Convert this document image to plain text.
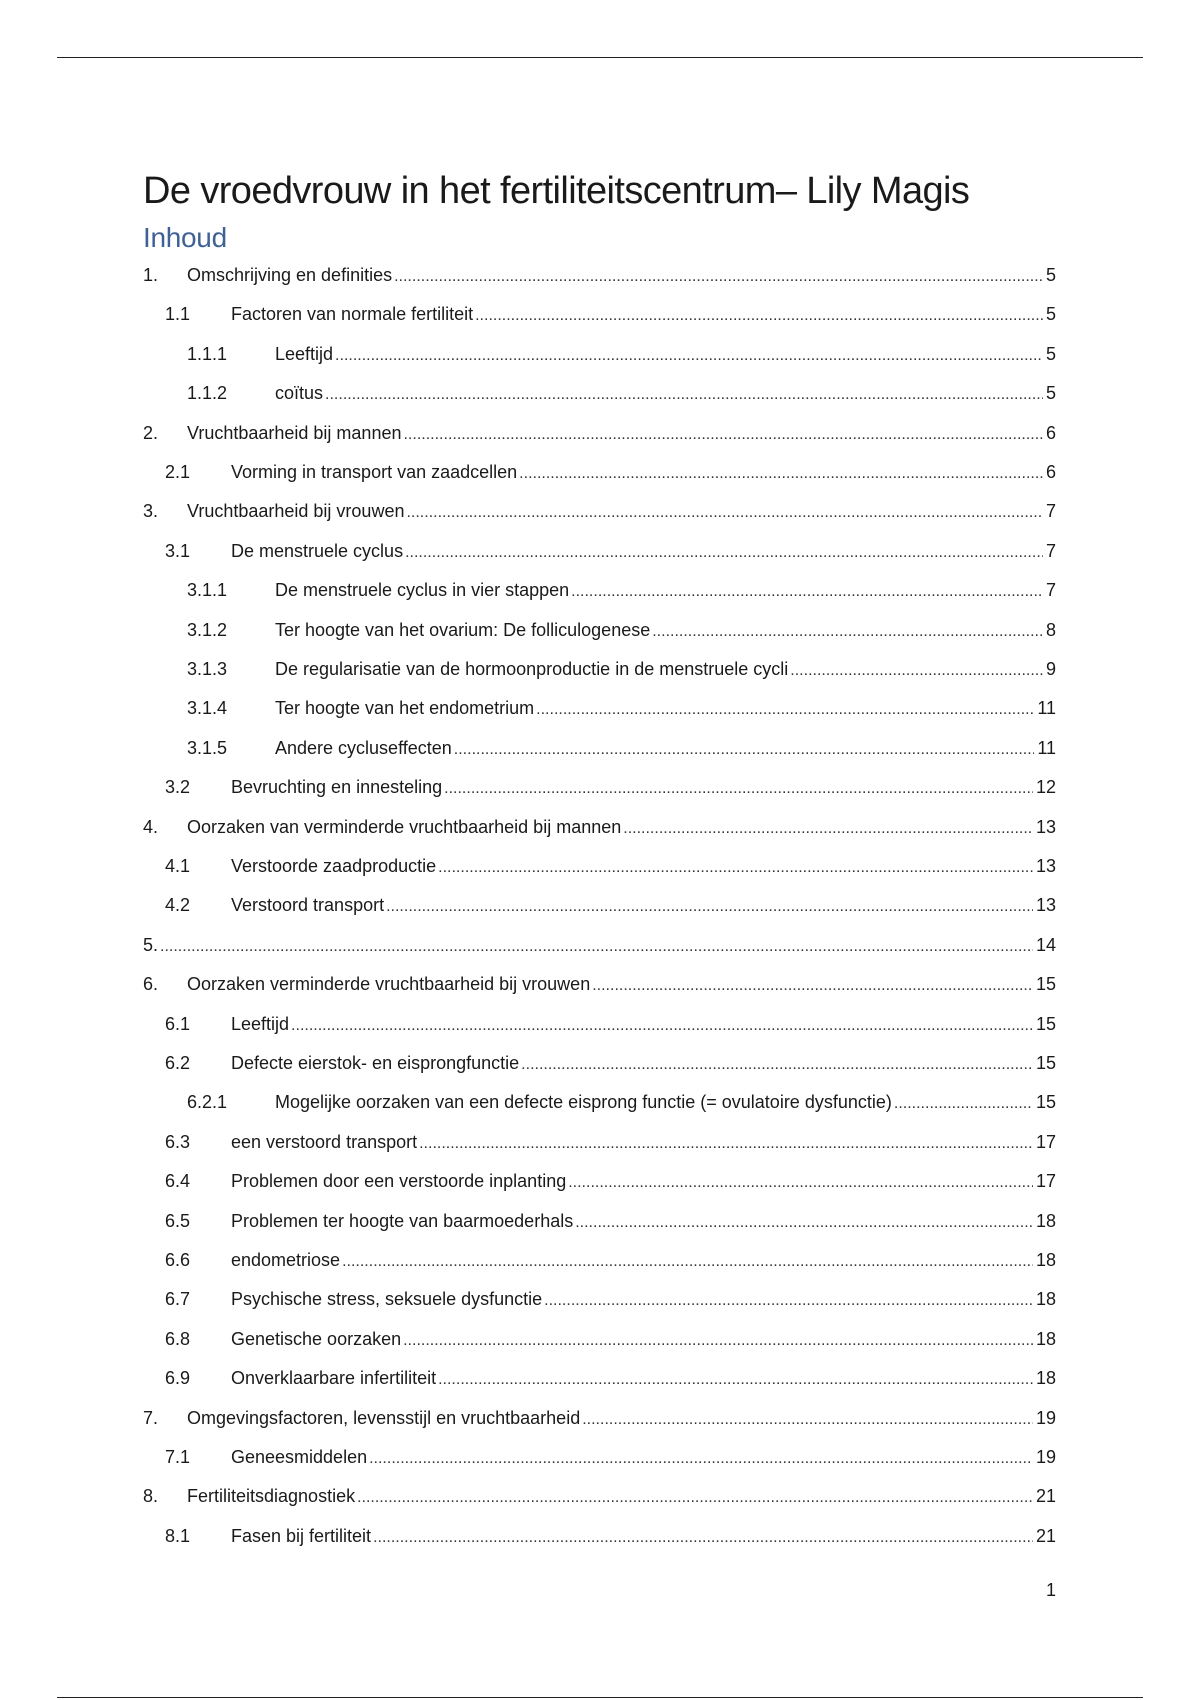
De vroedvrouw in het fertiliteitscentrum– Lily Magis
Inhoud
1.	Omschrijving en definities .....	5
1.1	Factoren van normale fertiliteit .....	5
1.1.1	Leeftijd .....	5
1.1.2	coïtus .....	5
2.	Vruchtbaarheid bij mannen .....	6
2.1	Vorming in transport van zaadcellen .....	6
3.	Vruchtbaarheid bij vrouwen .....	7
3.1	De menstruele cyclus .....	7
3.1.1	De menstruele cyclus in vier stappen .....	7
3.1.2	Ter hoogte van het ovarium: De folliculogenese .....	8
3.1.3	De regularisatie van de hormoonproductie in de menstruele cycli .....	9
3.1.4	Ter hoogte van het endometrium .....	11
3.1.5	Andere cycluseffecten .....	11
3.2	Bevruchting en innesteling .....	12
4.	Oorzaken van verminderde vruchtbaarheid bij mannen .....	13
4.1	Verstoorde zaadproductie .....	13
4.2	Verstoord transport .....	13
5. .....	14
6.	Oorzaken verminderde vruchtbaarheid bij vrouwen .....	15
6.1	Leeftijd .....	15
6.2	Defecte eierstok- en eisprongfunctie .....	15
6.2.1	Mogelijke oorzaken van een defecte eisprong functie (= ovulatoire dysfunctie) .....	15
6.3	een verstoord transport .....	17
6.4	Problemen door een verstoorde inplanting .....	17
6.5	Problemen ter hoogte van baarmoederhals .....	18
6.6	endometriose .....	18
6.7	Psychische stress, seksuele dysfunctie .....	18
6.8	Genetische oorzaken .....	18
6.9	Onverklaarbare infertiliteit .....	18
7.	Omgevingsfactoren, levensstijl en vruchtbaarheid .....	19
7.1	Geneesmiddelen .....	19
8.	Fertiliteitsdiagnostiek .....	21
8.1	Fasen bij fertiliteit .....	21
1
